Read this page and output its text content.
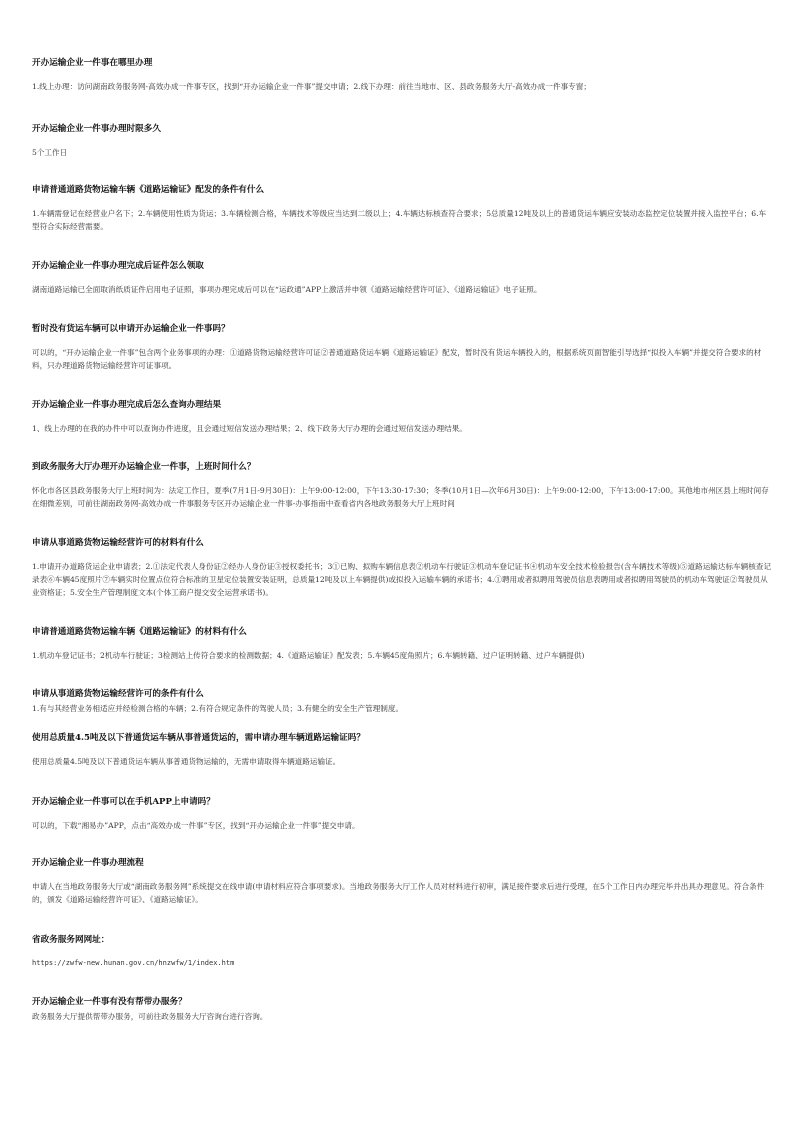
开办运输企业一件事在哪里办理

1.线上办理：访问湖南政务服务网-高效办成一件事专区，找到“开办运输企业一件事”提交申请；2.线下办理：前往当地市、区、县政务服务大厅-高效办成一件事专窗；

开办运输企业一件事办理时限多久

5个工作日

申请普通道路货物运输车辆《道路运输证》配发的条件有什么

1.车辆需登记在经营业户名下；2.车辆使用性质为货运；3.车辆检测合格，车辆技术等级应当达到二级以上；4.车辆达标核查符合要求；5总质量12吨及以上的普通货运车辆应安装动态监控定位装置并接入监控平台；6.车型符合实际经营需要。

开办运输企业一件事办理完成后证件怎么领取

湖南道路运输已全面取消纸质证件启用电子证照，事项办理完成后可以在“运政通”APP上激活并申领《道路运输经营许可证》、《道路运输证》电子证照。

暂时没有货运车辆可以申请开办运输企业一件事吗？

可以的，“开办运输企业一件事”包含两个业务事项的办理：①道路货物运输经营许可证②普通道路货运车辆《道路运输证》配发，暂时没有货运车辆投入的，根据系统页面智能引导选择“拟投入车辆”并提交符合要求的材料，只办理道路货物运输经营许可证事项。

开办运输企业一件事办理完成后怎么查询办理结果

1、线上办理的在我的办件中可以查询办件进度，且会通过短信发送办理结果；2、线下政务大厅办理的会通过短信发送办理结果。

到政务服务大厅办理开办运输企业一件事，上班时间什么？

怀化市各区县政务服务大厅上班时间为：法定工作日，夏季(7月1日-9月30日)：上午9:00-12:00，下午13:30-17:30；冬季(10月1日—次年6月30日)：上午9:00-12:00，下午13:00-17:00。其他地市州区县上班时间存在细微差别，可前往湖南政务网-高效办成一件事服务专区开办运输企业一件事-办事指南中查看省内各地政务服务大厅上班时间

申请从事道路货物运输经营许可的材料有什么

1.申请开办道路货运企业申请表；2.①法定代表人身份证②经办人身份证③授权委托书；3①已购、拟购车辆信息表②机动车行驶证③机动车登记证书④机动车安全技术检验报告(含车辆技术等级)⑤道路运输达标车辆核查记录表⑥车辆45度照片⑦车辆实时位置点位符合标准的卫星定位装置安装证明，总质量12吨及以上车辆提供)或拟投入运输车辆的承诺书；4.①聘用或者拟聘用驾驶员信息表聘用或者拟聘用驾驶员的机动车驾驶证②驾驶员从业资格证；5.安全生产管理制度文本(个体工商户提交安全运营承诺书)。

申请普通道路货物运输车辆《道路运输证》的材料有什么

1.机动车登记证书；2机动车行驶证；3检测站上传符合要求的检测数据；4.《道路运输证》配发表；5.车辆45度角照片；6.车辆转籍、过户证明转籍、过户车辆提供)

申请从事道路货物运输经营许可的条件有什么

1.有与其经营业务相适应并经检测合格的车辆；2.有符合规定条件的驾驶人员；3.有健全的安全生产管理制度。

使用总质量4.5吨及以下普通货运车辆从事普通货运的，需申请办理车辆道路运输证吗？

使用总质量4.5吨及以下普通货运车辆从事普通货物运输的，无需申请取得车辆道路运输证。

开办运输企业一件事可以在手机APP上申请吗？

可以的，下载“湘易办”APP，点击“高效办成一件事”专区，找到“开办运输企业一件事”提交申请。

开办运输企业一件事办理流程

申请人在当地政务服务大厅或“湖南政务服务网”系统提交在线申请(申请材料应符合事项要求)。当地政务服务大厅工作人员对材料进行初审，满足接件要求后进行受理，在5个工作日内办理完毕并出具办理意见。符合条件的，颁发《道路运输经营许可证》、《道路运输证》。

省政务服务网网址：

https://zwfw-new.hunan.gov.cn/hnzwfw/1/index.htm

开办运输企业一件事有没有帮带办服务？

政务服务大厅提供帮带办服务，可前往政务服务大厅咨询台进行咨询。
